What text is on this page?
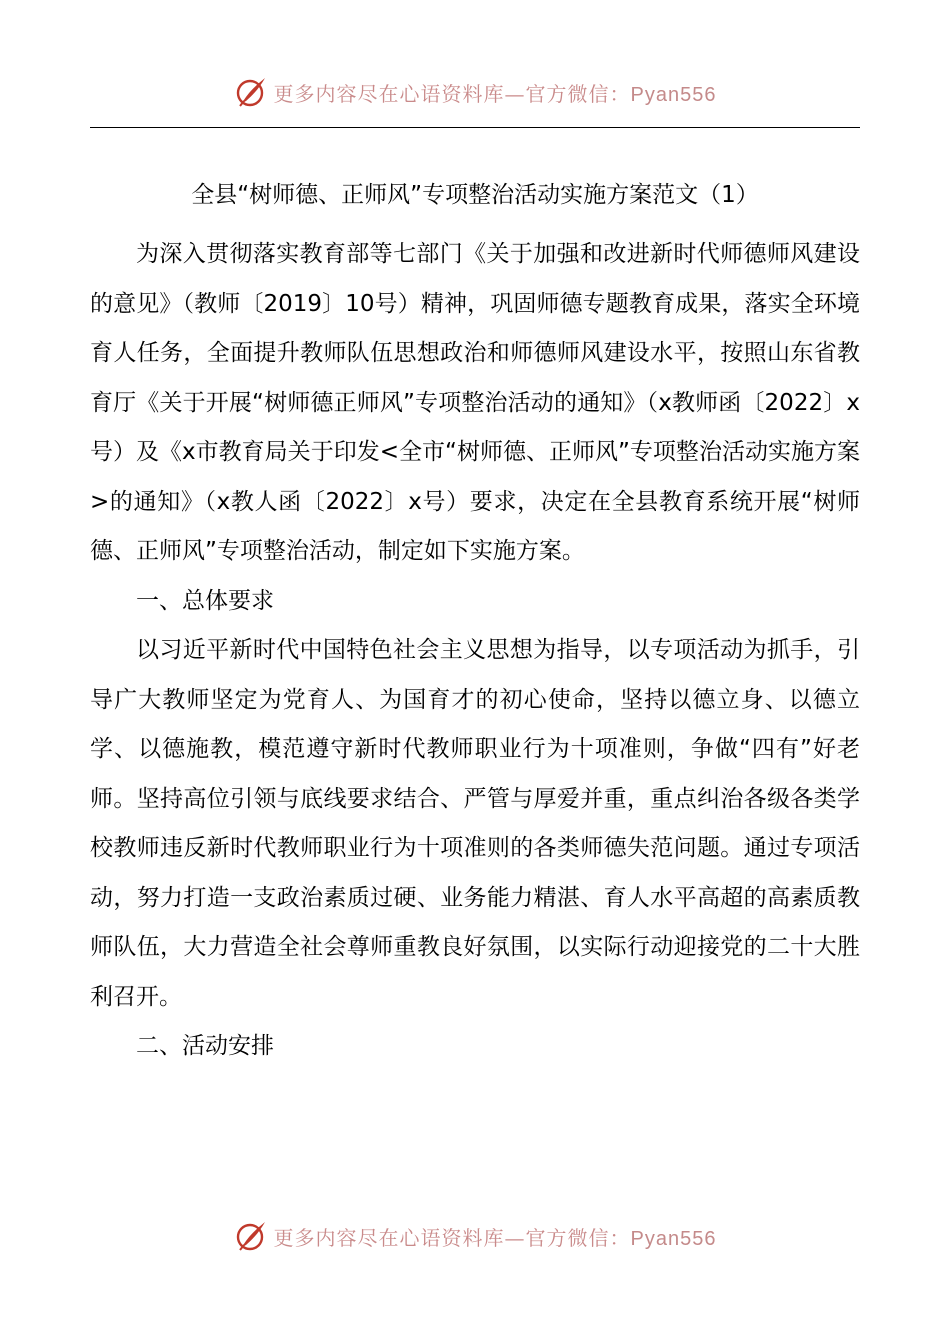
更多内容尽在心语资料库—官方微信：Pyan556
全县“树师德、正师风”专项整治活动实施方案范文（1）

为深入贯彻落实教育部等七部门《关于加强和改进新时代师德师风建设的意见》（教师〔2019〕10号）精神，巩固师德专题教育成果，落实全环境育人任务，全面提升教师队伍思想政治和师德师风建设水平，按照山东省教育厅《关于开展“树师德正师风”专项整治活动的通知》（x教师函〔2022〕x号）及《x市教育局关于印发<全市“树师德、正师风”专项整治活动实施方案>的通知》（x教人函〔2022〕x号）要求，决定在全县教育系统开展“树师德、正师风”专项整治活动，制定如下实施方案。

一、总体要求

以习近平新时代中国特色社会主义思想为指导，以专项活动为抓手，引导广大教师坚定为党育人、为国育才的初心使命，坚持以德立身、以德立学、以德施教，模范遵守新时代教师职业行为十项准则，争做“四有”好老师。坚持高位引领与底线要求结合、严管与厚爱并重，重点纠治各级各类学校教师违反新时代教师职业行为十项准则的各类师德失范问题。通过专项活动，努力打造一支政治素质过硬、业务能力精湛、育人水平高超的高素质教师队伍，大力营造全社会尊师重教良好氛围，以实际行动迎接党的二十大胜利召开。

二、活动安排

更多内容尽在心语资料库—官方微信：Pyan556
